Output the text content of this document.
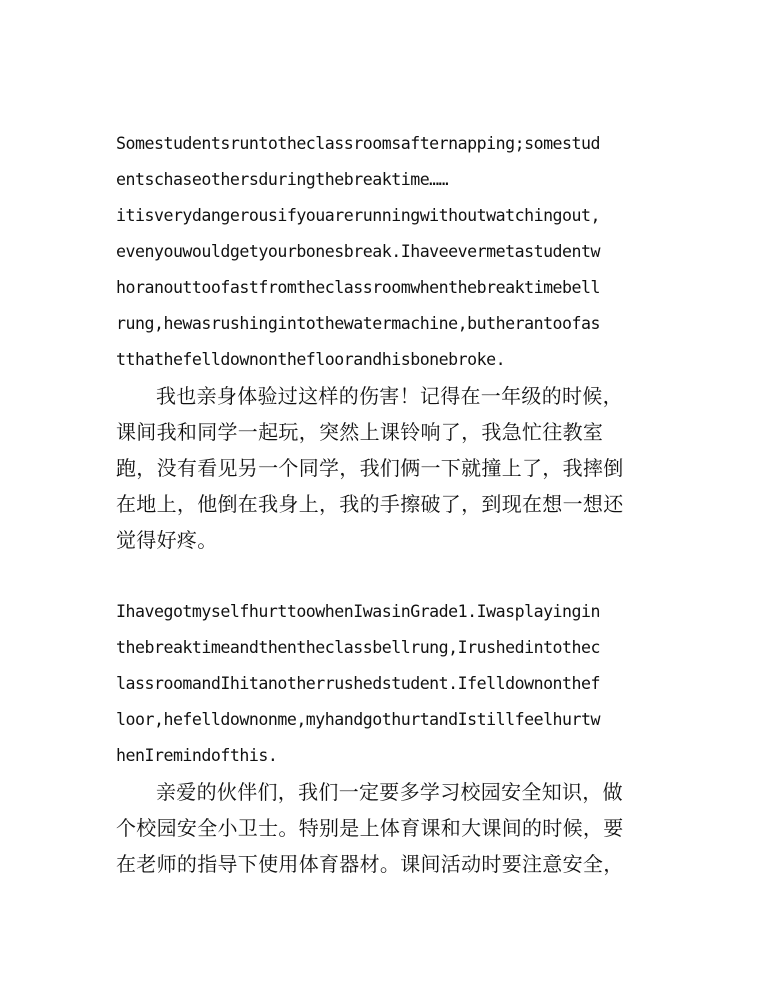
Somestudentsruntotheclassroomsafternapping;somestud
entschaseothersduringthebreaktime……
itisverydangerousifyouarerunningwithoutwatchingout,
evenyouwouldgetyourbonesbreak.Ihaveevermetastudentw
horanouttoofastfromtheclassroomwhenthebreaktimebell
rung,hewasrushingintothewatermachine,butherantoofas
tthathefelldownonthefloorandhisbonebroke.
我也亲身体验过这样的伤害！记得在一年级的时候，
课间我和同学一起玩，突然上课铃响了，我急忙往教室
跑，没有看见另一个同学，我们俩一下就撞上了，我摔倒
在地上，他倒在我身上，我的手擦破了，到现在想一想还
觉得好疼。
IhavegotmyselfhurttoowhenIwasinGrade1.Iwasplayingin
thebreaktimeandthentheclassbellrung,Irushedintothec
lassroomandIhitanotherrushedstudent.Ifelldownonthef
loor,hefelldownonme,myhandgothurtandIstillfeelhurtw
henIremindofthis.
亲爱的伙伴们，我们一定要多学习校园安全知识，做
个校园安全小卫士。特别是上体育课和大课间的时候，要
在老师的指导下使用体育器材。课间活动时要注意安全，
